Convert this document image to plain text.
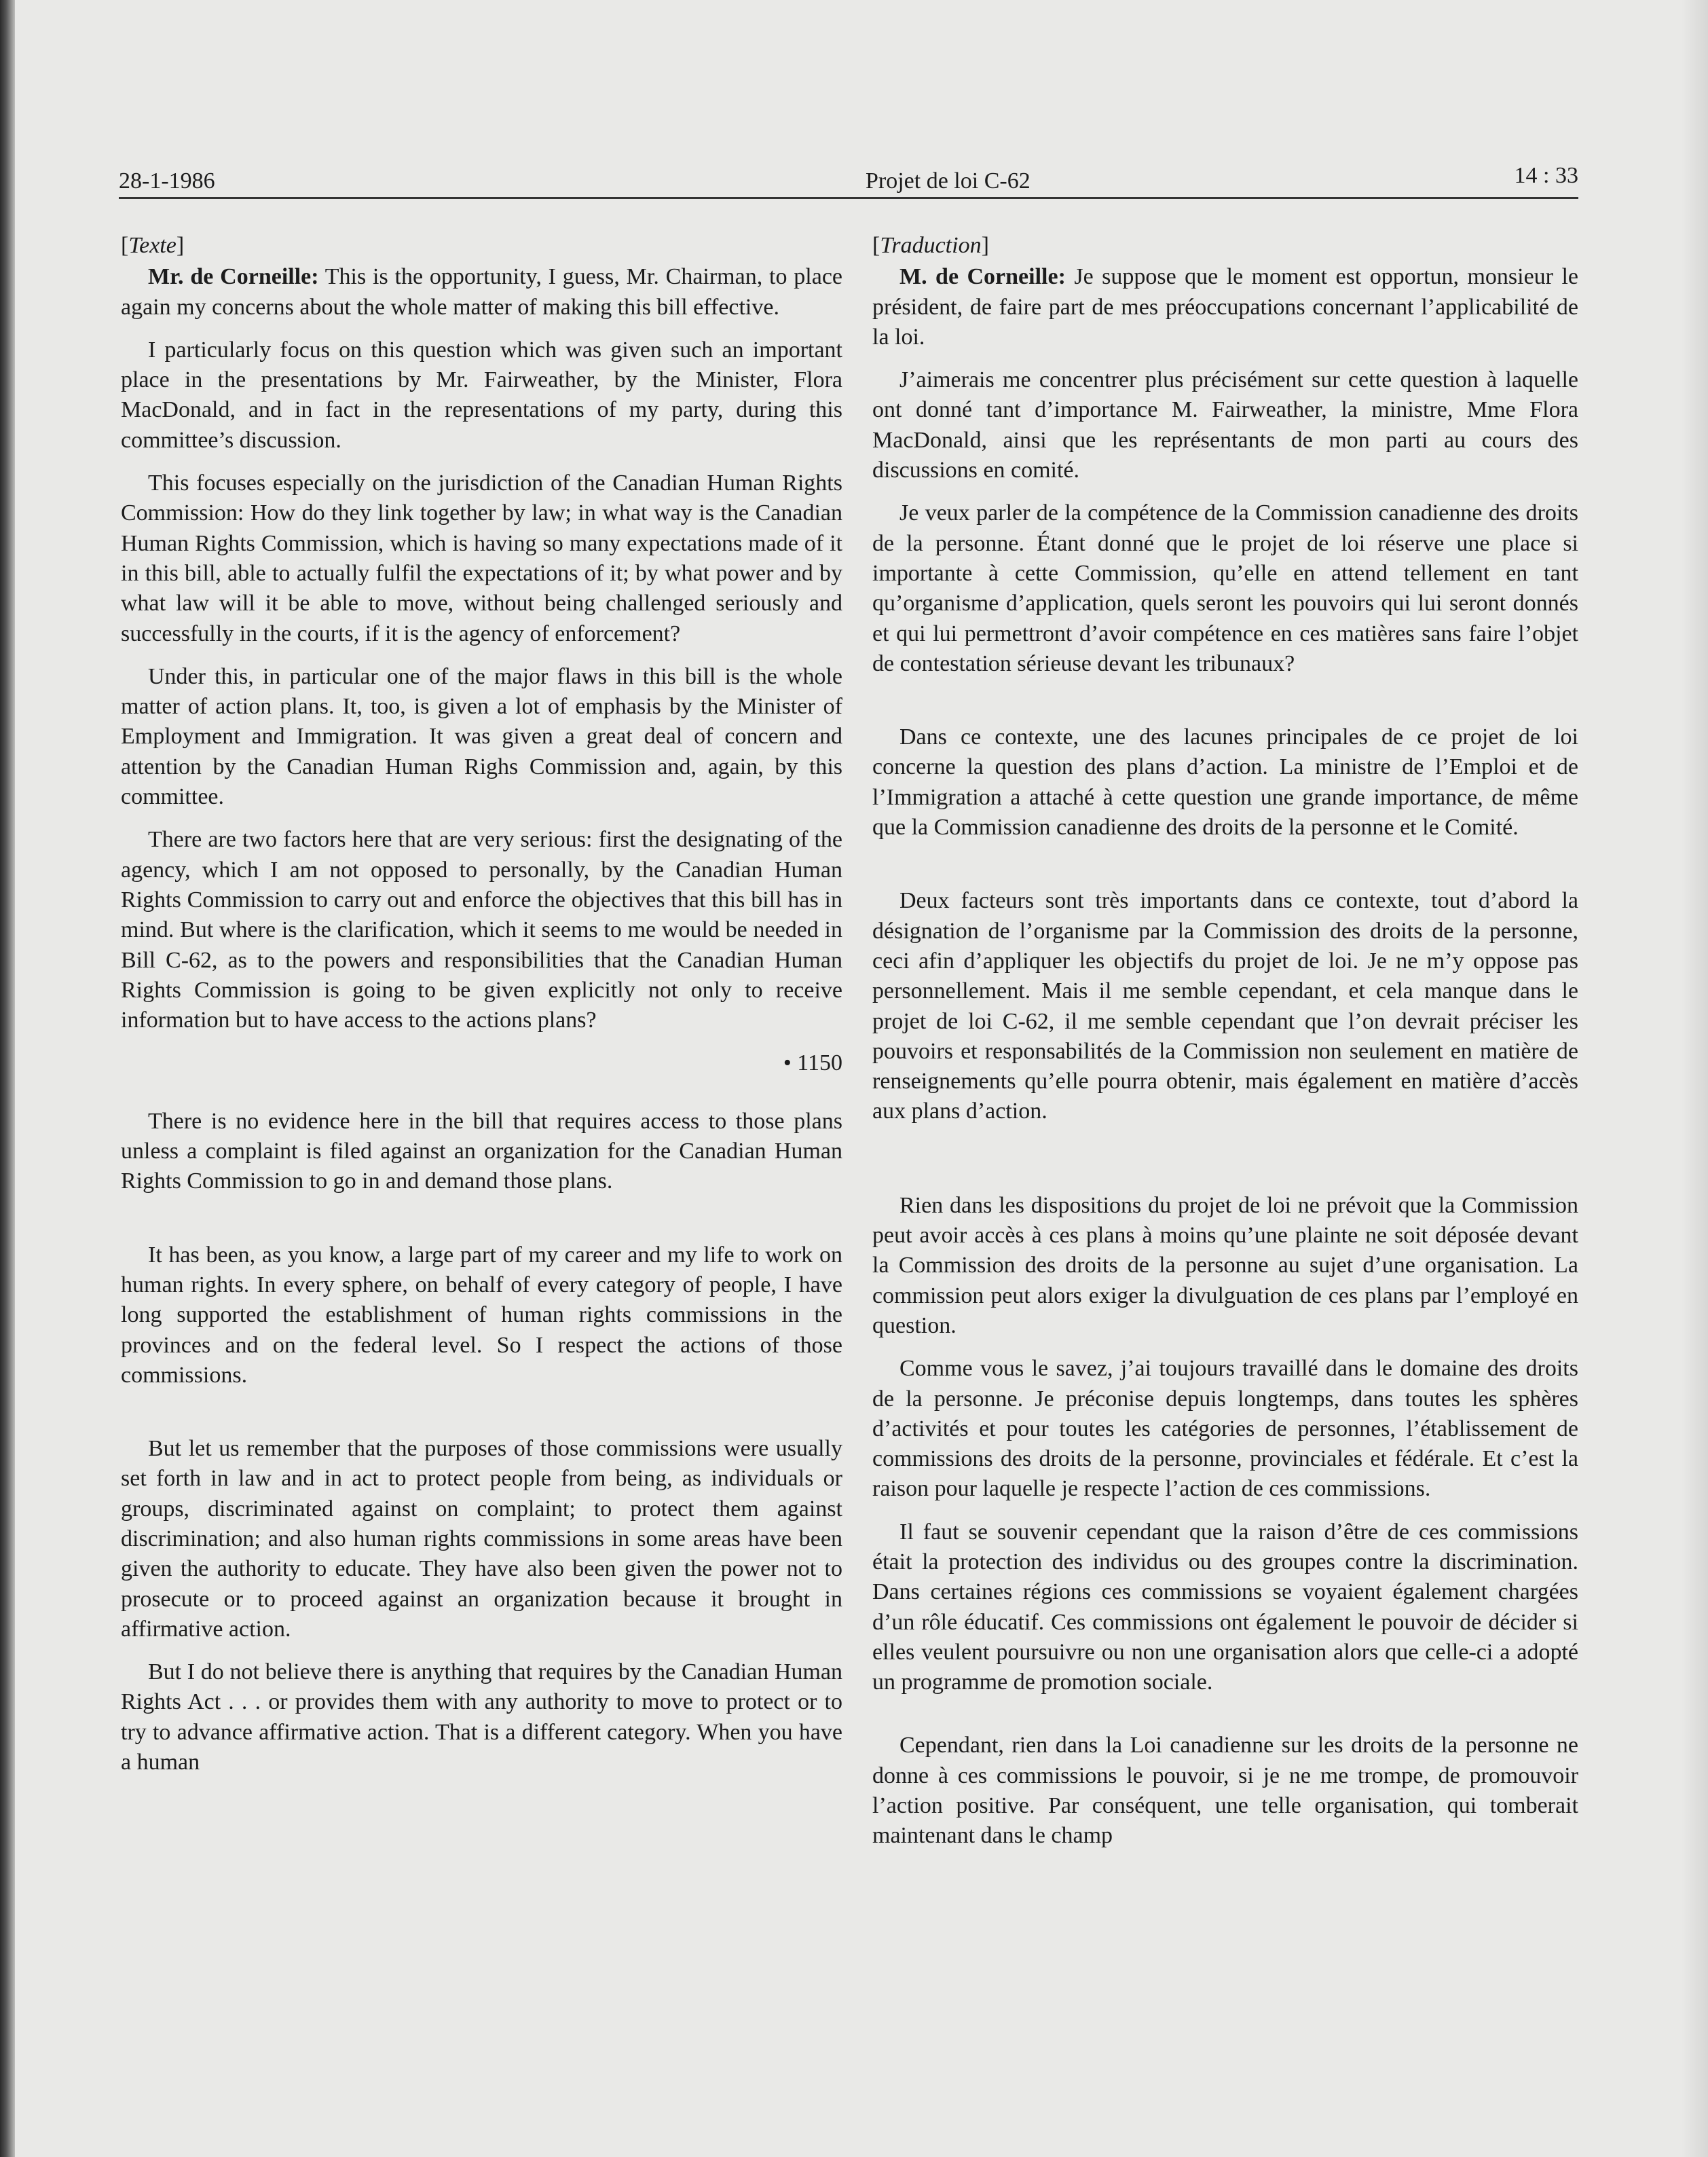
28-1-1986	Projet de loi C-62	14 : 33
[Texte]

Mr. de Corneille: This is the opportunity, I guess, Mr. Chairman, to place again my concerns about the whole matter of making this bill effective.

I particularly focus on this question which was given such an important place in the presentations by Mr. Fairweather, by the Minister, Flora MacDonald, and in fact in the representations of my party, during this committee’s discussion.

This focuses especially on the jurisdiction of the Canadian Human Rights Commission: How do they link together by law; in what way is the Canadian Human Rights Commission, which is having so many expectations made of it in this bill, able to actually fulfil the expectations of it; by what power and by what law will it be able to move, without being challenged seriously and successfully in the courts, if it is the agency of enforcement?

Under this, in particular one of the major flaws in this bill is the whole matter of action plans. It, too, is given a lot of emphasis by the Minister of Employment and Immigration. It was given a great deal of concern and attention by the Canadian Human Righs Commission and, again, by this committee.

There are two factors here that are very serious: first the designating of the agency, which I am not opposed to personally, by the Canadian Human Rights Commission to carry out and enforce the objectives that this bill has in mind. But where is the clarification, which it seems to me would be needed in Bill C-62, as to the powers and responsibilities that the Canadian Human Rights Commission is going to be given explicitly not only to receive information but to have access to the actions plans?

• 1150

There is no evidence here in the bill that requires access to those plans unless a complaint is filed against an organization for the Canadian Human Rights Commission to go in and demand those plans.

It has been, as you know, a large part of my career and my life to work on human rights. In every sphere, on behalf of every category of people, I have long supported the establishment of human rights commissions in the provinces and on the federal level. So I respect the actions of those commissions.

But let us remember that the purposes of those commissions were usually set forth in law and in act to protect people from being, as individuals or groups, discriminated against on complaint; to protect them against discrimination; and also human rights commissions in some areas have been given the authority to educate. They have also been given the power not to prosecute or to proceed against an organization because it brought in affirmative action.

But I do not believe there is anything that requires by the Canadian Human Rights Act . . . or provides them with any authority to move to protect or to try to advance affirmative action. That is a different category. When you have a human

[Traduction]

M. de Corneille: Je suppose que le moment est opportun, monsieur le président, de faire part de mes préoccupations concernant l’applicabilité de la loi.

J’aimerais me concentrer plus précisément sur cette question à laquelle ont donné tant d’importance M. Fairweather, la ministre, Mme Flora MacDonald, ainsi que les représentants de mon parti au cours des discussions en comité.

Je veux parler de la compétence de la Commission canadienne des droits de la personne. Étant donné que le projet de loi réserve une place si importante à cette Commission, qu’elle en attend tellement en tant qu’organisme d’application, quels seront les pouvoirs qui lui seront donnés et qui lui permettront d’avoir compétence en ces matières sans faire l’objet de contestation sérieuse devant les tribunaux?

Dans ce contexte, une des lacunes principales de ce projet de loi concerne la question des plans d’action. La ministre de l’Emploi et de l’Immigration a attaché à cette question une grande importance, de même que la Commission canadienne des droits de la personne et le Comité.

Deux facteurs sont très importants dans ce contexte, tout d’abord la désignation de l’organisme par la Commission des droits de la personne, ceci afin d’appliquer les objectifs du projet de loi. Je ne m’y oppose pas personnellement. Mais il me semble cependant, et cela manque dans le projet de loi C-62, il me semble cependant que l’on devrait préciser les pouvoirs et responsabilités de la Commission non seulement en matière de renseignements qu’elle pourra obtenir, mais également en matière d’accès aux plans d’action.

Rien dans les dispositions du projet de loi ne prévoit que la Commission peut avoir accès à ces plans à moins qu’une plainte ne soit déposée devant la Commission des droits de la personne au sujet d’une organisation. La commission peut alors exiger la divulguation de ces plans par l’employé en question.

Comme vous le savez, j’ai toujours travaillé dans le domaine des droits de la personne. Je préconise depuis longtemps, dans toutes les sphères d’activités et pour toutes les catégories de personnes, l’établissement de commissions des droits de la personne, provinciales et fédérale. Et c’est la raison pour laquelle je respecte l’action de ces commissions.

Il faut se souvenir cependant que la raison d’être de ces commissions était la protection des individus ou des groupes contre la discrimination. Dans certaines régions ces commissions se voyaient également chargées d’un rôle éducatif. Ces commissions ont également le pouvoir de décider si elles veulent poursuivre ou non une organisation alors que celle-ci a adopté un programme de promotion sociale.

Cependant, rien dans la Loi canadienne sur les droits de la personne ne donne à ces commissions le pouvoir, si je ne me trompe, de promouvoir l’action positive. Par conséquent, une telle organisation, qui tomberait maintenant dans le champ
